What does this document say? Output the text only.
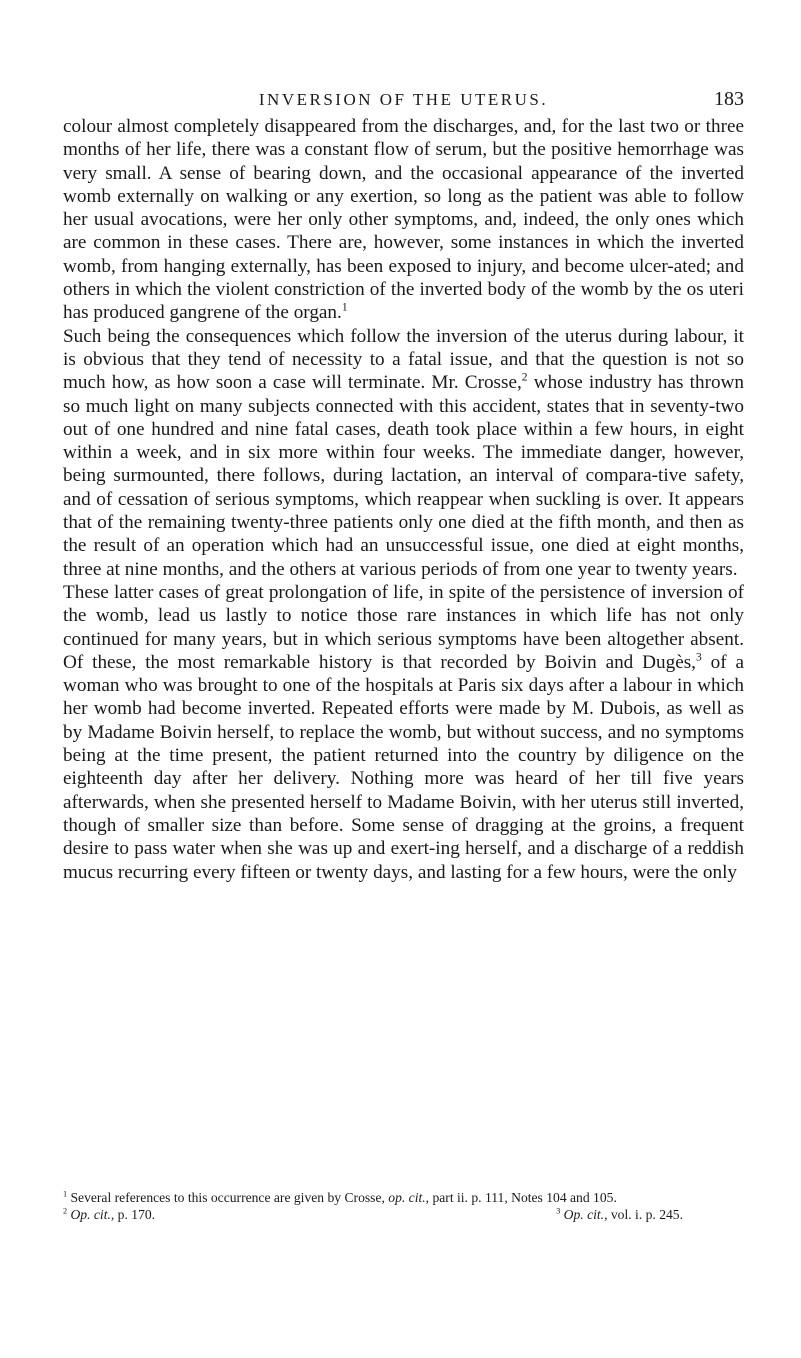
INVERSION OF THE UTERUS.	183

colour almost completely disappeared from the discharges, and, for the last two or three months of her life, there was a constant flow of serum, but the positive hemorrhage was very small. A sense of bearing down, and the occasional appearance of the inverted womb externally on walking or any exertion, so long as the patient was able to follow her usual avocations, were her only other symptoms, and, indeed, the only ones which are common in these cases. There are, however, some instances in which the inverted womb, from hanging externally, has been exposed to injury, and become ulcer-ated; and others in which the violent constriction of the inverted body of the womb by the os uteri has produced gangrene of the organ.$^1$

Such being the consequences which follow the inversion of the uterus during labour, it is obvious that they tend of necessity to a fatal issue, and that the question is not so much how, as how soon a case will terminate. Mr. Crosse,$^2$ whose industry has thrown so much light on many subjects connected with this accident, states that in seventy-two out of one hundred and nine fatal cases, death took place within a few hours, in eight within a week, and in six more within four weeks. The immediate danger, however, being surmounted, there follows, during lactation, an interval of compara-tive safety, and of cessation of serious symptoms, which reappear when suckling is over. It appears that of the remaining twenty-three patients only one died at the fifth month, and then as the result of an operation which had an unsuccessful issue, one died at eight months, three at nine months, and the others at various periods of from one year to twenty years.

These latter cases of great prolongation of life, in spite of the persistence of inversion of the womb, lead us lastly to notice those rare instances in which life has not only continued for many years, but in which serious symptoms have been altogether absent. Of these, the most remarkable history is that recorded by Boivin and Dugès,$^3$ of a woman who was brought to one of the hospitals at Paris six days after a labour in which her womb had become inverted. Repeated efforts were made by M. Dubois, as well as by Madame Boivin herself, to replace the womb, but without success, and no symptoms being at the time present, the patient returned into the country by diligence on the eighteenth day after her delivery. Nothing more was heard of her till five years afterwards, when she presented herself to Madame Boivin, with her uterus still inverted, though of smaller size than before. Some sense of dragging at the groins, a frequent desire to pass water when she was up and exert-ing herself, and a discharge of a reddish mucus recurring every fifteen or twenty days, and lasting for a few hours, were the only

$^1$ Several references to this occurrence are given by Crosse, op. cit., part ii. p. 111, Notes 104 and 105.

$^2$ Op. cit., p. 170.	$^3$ Op. cit., vol. i. p. 245.
